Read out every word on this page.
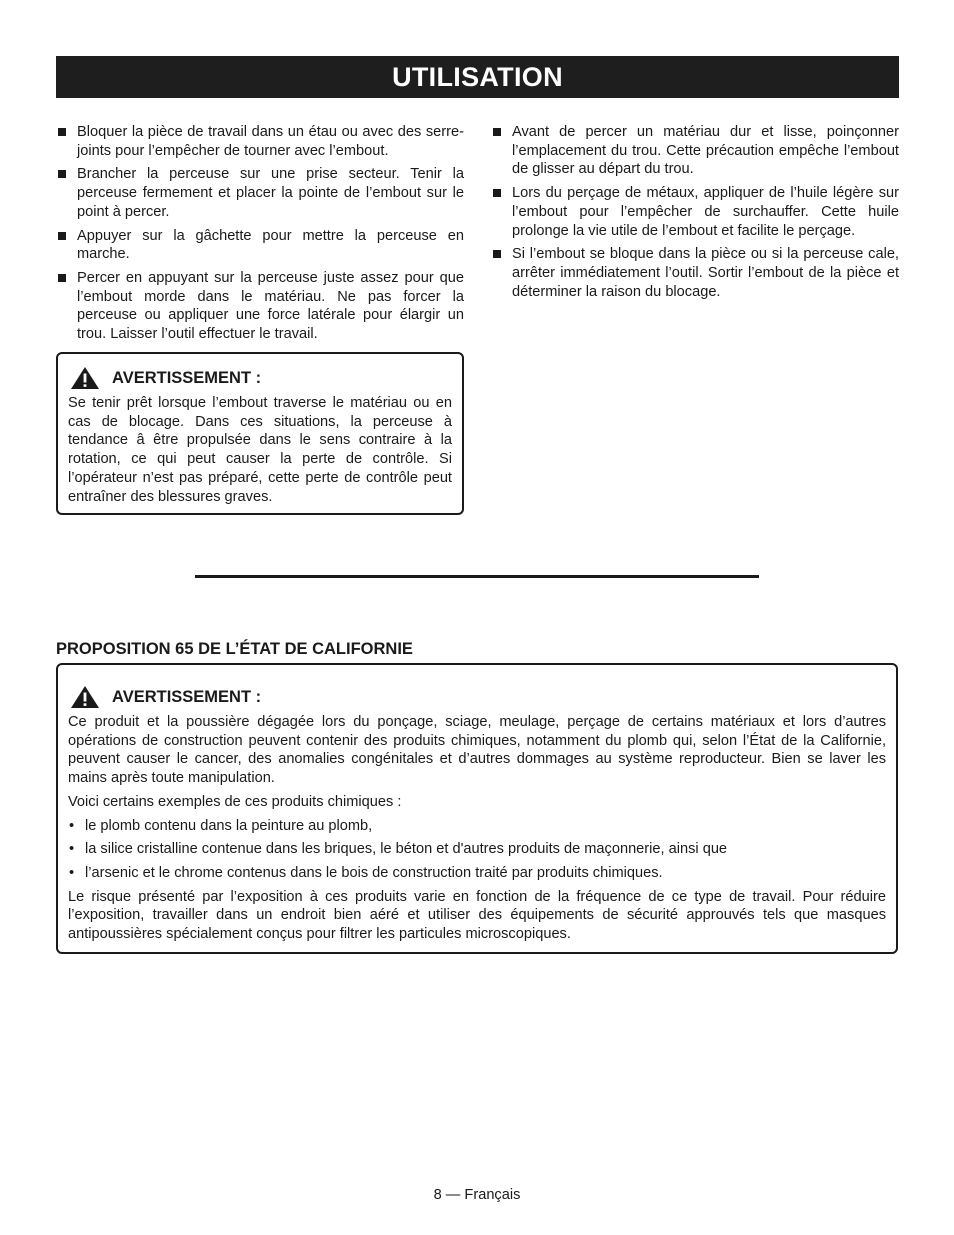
UTILISATION
Bloquer la pièce de travail dans un étau ou avec des serre-joints pour l’empêcher de tourner avec l’embout.
Brancher la perceuse sur une prise secteur. Tenir la perceuse fermement et placer la pointe de l’embout sur le point à percer.
Appuyer sur la gâchette pour mettre la perceuse en marche.
Percer en appuyant sur la perceuse juste assez pour que l’embout morde dans le matériau. Ne pas forcer la perceuse ou appliquer une force latérale pour élargir un trou. Laisser l’outil effectuer le travail.
Avant de percer un matériau dur et lisse, poinçonner l’emplacement du trou. Cette précaution empêche l’embout de glisser au départ du trou.
Lors du perçage de métaux, appliquer de l’huile légère sur l’embout pour l’empêcher de surchauffer. Cette huile prolonge la vie utile de l’embout et facilite le perçage.
Si l’embout se bloque dans la pièce ou si la perceuse cale, arrêter immédiatement l’outil. Sortir l’embout de la pièce et déterminer la raison du blocage.
AVERTISSEMENT :
Se tenir prêt lorsque l’embout traverse le matériau ou en cas de blocage. Dans ces situations, la perceuse à tendance â être propulsée dans le sens contraire à la rotation, ce qui peut causer la perte de contrôle. Si l’opérateur n’est pas préparé, cette perte de contrôle peut entraîner des blessures graves.
PROPOSITION 65 DE L’ÉTAT DE CALIFORNIE
AVERTISSEMENT :

Ce produit et la poussière dégagée lors du ponçage, sciage, meulage, perçage de certains matériaux et lors d’autres opérations de construction peuvent contenir des produits chimiques, notamment du plomb qui, selon l’État de la Californie, peuvent causer le cancer, des anomalies congénitales et d’autres dommages au système reproducteur. Bien se laver les mains après toute manipulation.

Voici certains exemples de ces produits chimiques :

• le plomb contenu dans la peinture au plomb,
• la silice cristalline contenue dans les briques, le béton et d'autres produits de maçonnerie, ainsi que
• l’arsenic et le chrome contenus dans le bois de construction traité par produits chimiques.

Le risque présenté par l’exposition à ces produits varie en fonction de la fréquence de ce type de travail. Pour réduire l’exposition, travailler dans un endroit bien aéré et utiliser des équipements de sécurité approuvés tels que masques antipoussières spécialement conçus pour filtrer les particules microscopiques.

8 — Français
